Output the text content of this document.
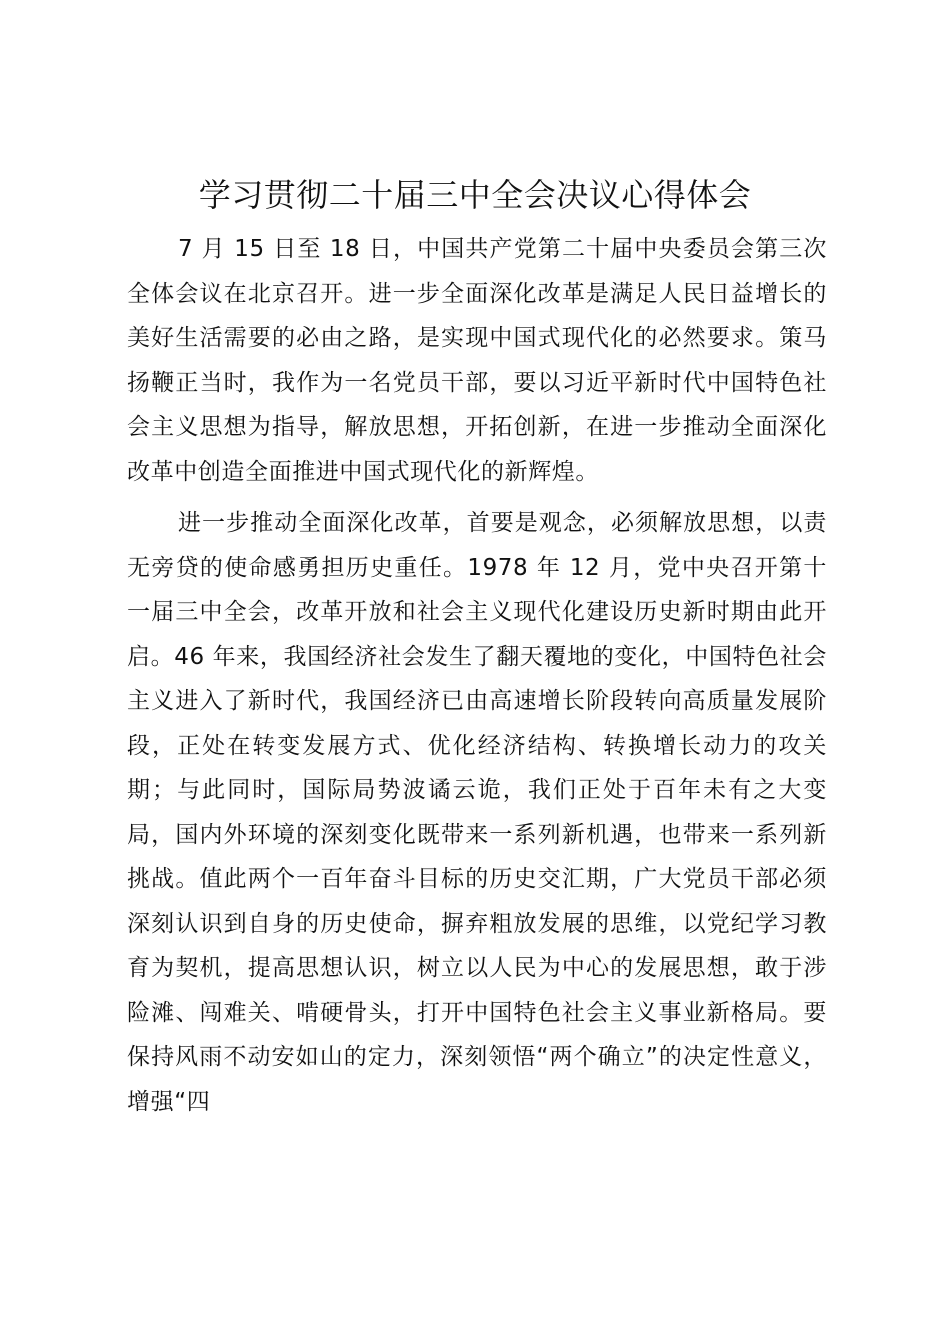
学习贯彻二十届三中全会决议心得体会

7 月 15 日至 18 日，中国共产党第二十届中央委员会第三次全体会议在北京召开。进一步全面深化改革是满足人民日益增长的美好生活需要的必由之路，是实现中国式现代化的必然要求。策马扬鞭正当时，我作为一名党员干部，要以习近平新时代中国特色社会主义思想为指导，解放思想，开拓创新，在进一步推动全面深化改革中创造全面推进中国式现代化的新辉煌。

进一步推动全面深化改革，首要是观念，必须解放思想，以责无旁贷的使命感勇担历史重任。1978 年 12 月，党中央召开第十一届三中全会，改革开放和社会主义现代化建设历史新时期由此开启。46 年来，我国经济社会发生了翻天覆地的变化，中国特色社会主义进入了新时代，我国经济已由高速增长阶段转向高质量发展阶段，正处在转变发展方式、优化经济结构、转换增长动力的攻关期；与此同时，国际局势波谲云诡，我们正处于百年未有之大变局，国内外环境的深刻变化既带来一系列新机遇，也带来一系列新挑战。值此两个一百年奋斗目标的历史交汇期，广大党员干部必须深刻认识到自身的历史使命，摒弃粗放发展的思维，以党纪学习教育为契机，提高思想认识，树立以人民为中心的发展思想，敢于涉险滩、闯难关、啃硬骨头，打开中国特色社会主义事业新格局。要保持风雨不动安如山的定力，深刻领悟“两个确立”的决定性意义，增强“四
